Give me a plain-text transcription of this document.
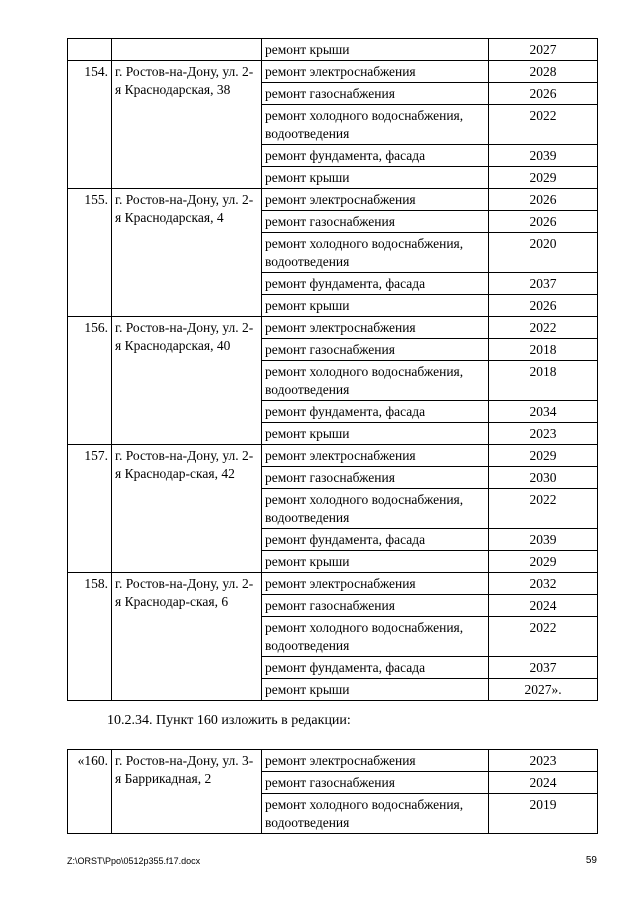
		ремонт крыши	2027
154.	г. Ростов-на-Дону, ул. 2-я Краснодарская, 38	ремонт электроснабжения	2028
		ремонт газоснабжения	2026
		ремонт холодного водоснабжения, водоотведения	2022
		ремонт фундамента, фасада	2039
		ремонт крыши	2029
155.	г. Ростов-на-Дону, ул. 2-я Краснодарская, 4	ремонт электроснабжения	2026
		ремонт газоснабжения	2026
		ремонт холодного водоснабжения, водоотведения	2020
		ремонт фундамента, фасада	2037
		ремонт крыши	2026
156.	г. Ростов-на-Дону, ул. 2-я Краснодарская, 40	ремонт электроснабжения	2022
		ремонт газоснабжения	2018
		ремонт холодного водоснабжения, водоотведения	2018
		ремонт фундамента, фасада	2034
		ремонт крыши	2023
157.	г. Ростов-на-Дону, ул. 2-я Краснодар-ская, 42	ремонт электроснабжения	2029
		ремонт газоснабжения	2030
		ремонт холодного водоснабжения, водоотведения	2022
		ремонт фундамента, фасада	2039
		ремонт крыши	2029
158.	г. Ростов-на-Дону, ул. 2-я Краснодар-ская, 6	ремонт электроснабжения	2032
		ремонт газоснабжения	2024
		ремонт холодного водоснабжения, водоотведения	2022
		ремонт фундамента, фасада	2037
		ремонт крыши	2027».
10.2.34. Пункт 160 изложить в редакции:
«160.	г. Ростов-на-Дону, ул. 3-я Баррикадная, 2	ремонт электроснабжения	2023
		ремонт газоснабжения	2024
		ремонт холодного водоснабжения, водоотведения	2019
Z:\ORST\Ppo\0512p355.f17.docx	59
